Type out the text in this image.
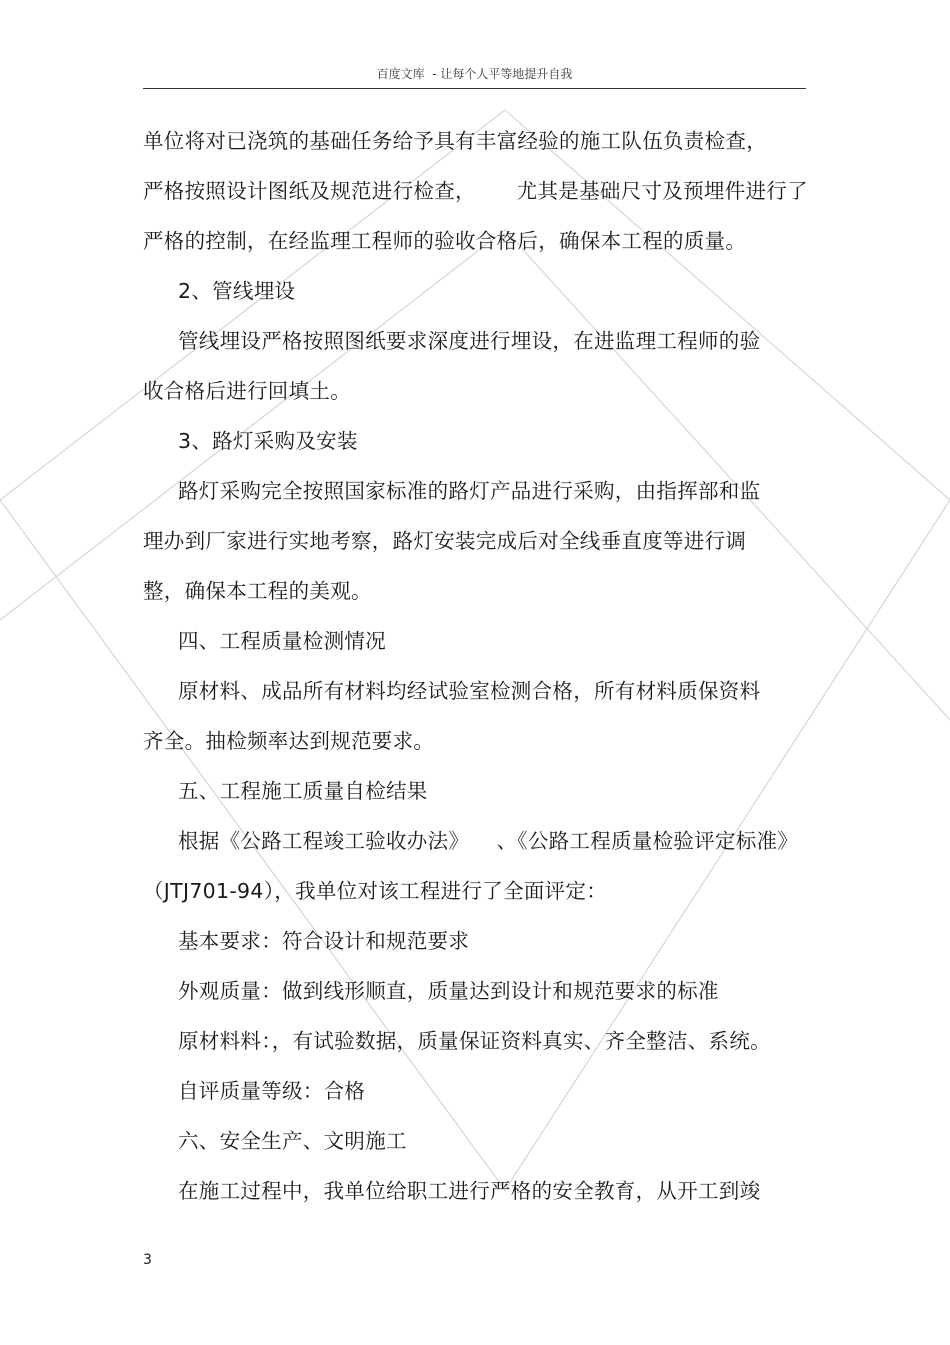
百度文库  - 让每个人平等地提升自我
单位将对已浇筑的基础任务给予具有丰富经验的施工队伍负责检查，
严格按照设计图纸及规范进行检查，      尤其是基础尺寸及预埋件进行了
严格的控制，在经监理工程师的验收合格后，确保本工程的质量。
2、管线埋设
管线埋设严格按照图纸要求深度进行埋设，在进监理工程师的验
收合格后进行回填土。
3、路灯采购及安装
路灯采购完全按照国家标准的路灯产品进行采购，由指挥部和监
理办到厂家进行实地考察，路灯安装完成后对全线垂直度等进行调
整，确保本工程的美观。
四、工程质量检测情况
原材料、成品所有材料均经试验室检测合格，所有材料质保资料
齐全。抽检频率达到规范要求。
五、工程施工质量自检结果
根据《公路工程竣工验收办法》    、《公路工程质量检验评定标准》
（JTJ701-94），我单位对该工程进行了全面评定：
基本要求：符合设计和规范要求
外观质量：做到线形顺直，质量达到设计和规范要求的标准
原材料料：，有试验数据，质量保证资料真实、齐全整洁、系统。
自评质量等级：合格
六、安全生产、文明施工
在施工过程中，我单位给职工进行严格的安全教育，从开工到竣
3
